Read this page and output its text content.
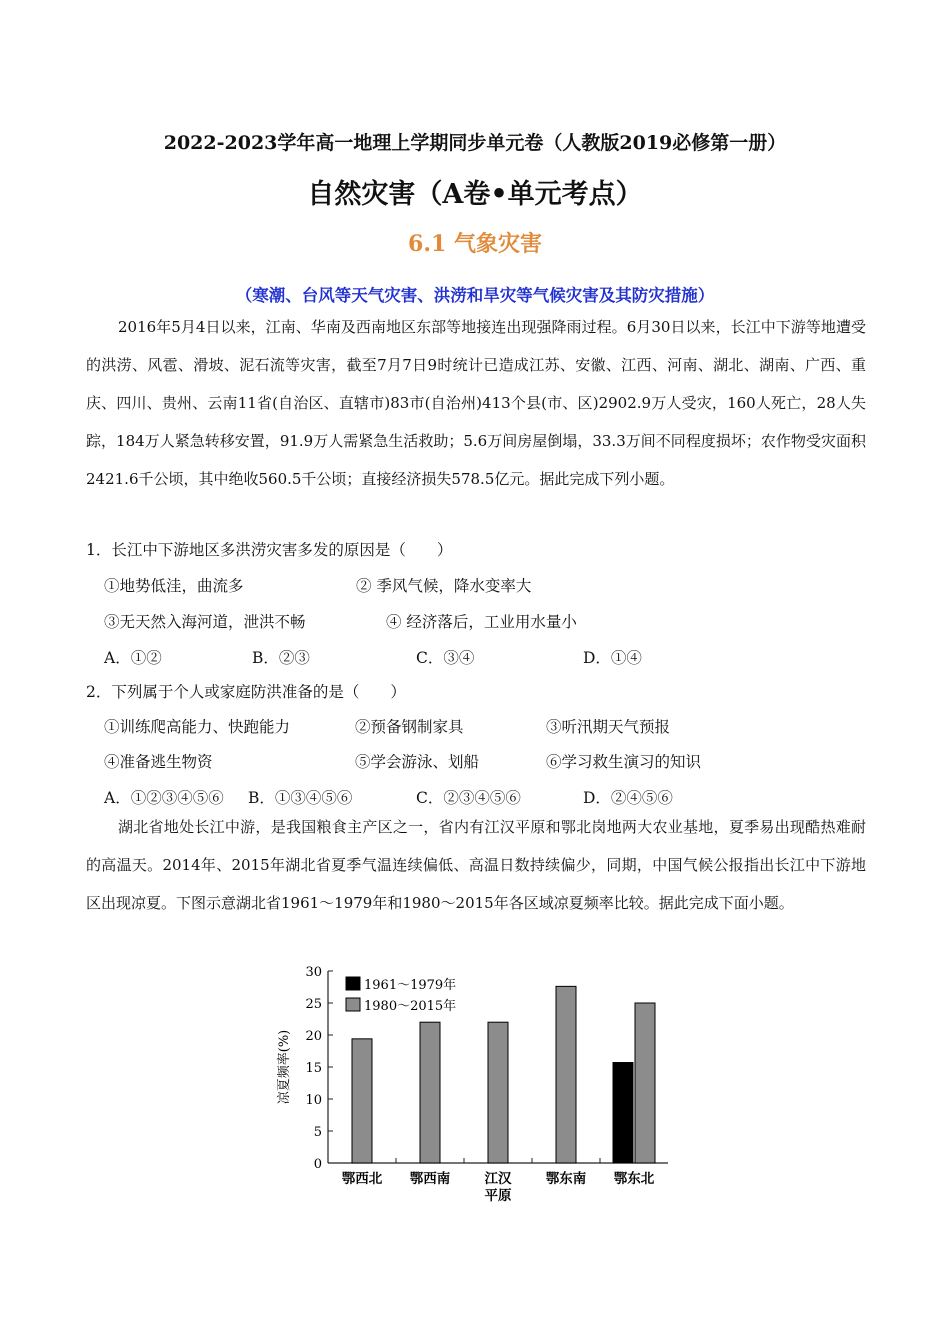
2022-2023学年高一地理上学期同步单元卷（人教版2019必修第一册）
自然灾害（A卷•单元考点）
6.1 气象灾害
（寒潮、台风等天气灾害、洪涝和旱灾等气候灾害及其防灾措施）

2016年5月4日以来，江南、华南及西南地区东部等地接连出现强降雨过程。6月30日以来，长江中下游等地遭受的洪涝、风雹、滑坡、泥石流等灾害，截至7月7日9时统计已造成江苏、安徽、江西、河南、湖北、湖南、广西、重庆、四川、贵州、云南11省(自治区、直辖市)83市(自治州)413个县(市、区)2902.9万人受灾，160人死亡，28人失踪，184万人紧急转移安置，91.9万人需紧急生活救助；5.6万间房屋倒塌，33.3万间不同程度损坏；农作物受灾面积2421.6千公顷，其中绝收560.5千公顷；直接经济损失578.5亿元。据此完成下列小题。

1．长江中下游地区多洪涝灾害多发的原因是（　　）
①地势低洼，曲流多	② 季风气候，降水变率大
③无天然入海河道，泄洪不畅	④ 经济落后，工业用水量小
A．①②	B．②③	C．③④	D．①④
2．下列属于个人或家庭防洪准备的是（　　）
①训练爬高能力、快跑能力	②预备钢制家具	③听汛期天气预报
④准备逃生物资	⑤学会游泳、划船	⑥学习救生演习的知识
A．①②③④⑤⑥ B．①③④⑤⑥	C．②③④⑤⑥	D．②④⑤⑥

湖北省地处长江中游，是我国粮食主产区之一，省内有江汉平原和鄂北岗地两大农业基地，夏季易出现酷热难耐的高温天。2014年、2015年湖北省夏季气温连续偏低、高温日数持续偏少，同期，中国气候公报指出长江中下游地区出现凉夏。下图示意湖北省1961～1979年和1980～2015年各区域凉夏频率比较。据此完成下面小题。

0
5
10
15
20
25
30
凉夏频率(%)
鄂西北 鄂西南	江汉
平原
鄂东南 鄂东北
1961～1979年
1980～2015年
